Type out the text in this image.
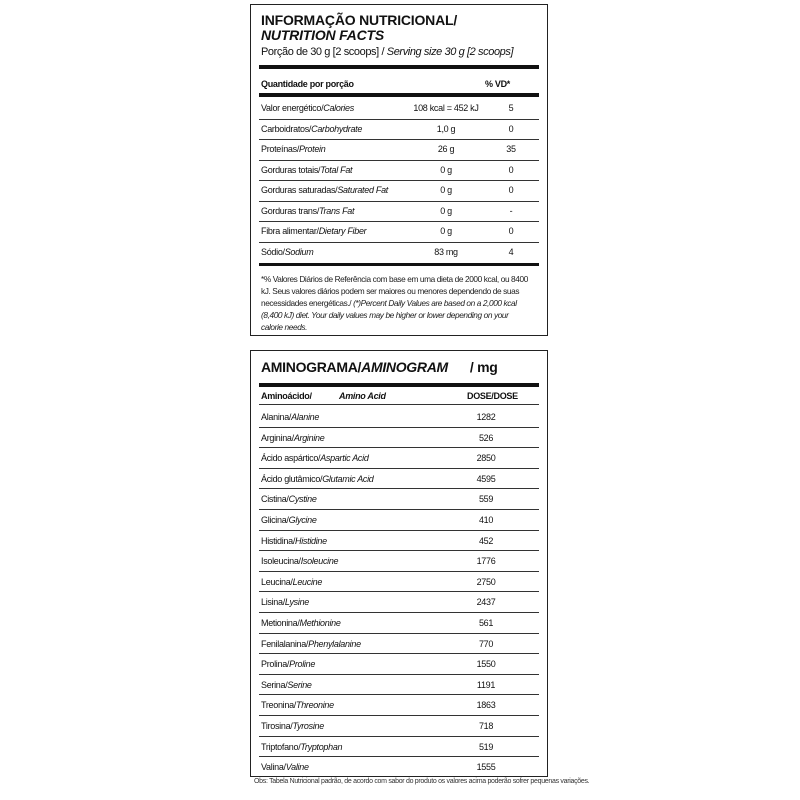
INFORMAÇÃO NUTRICIONAL/
NUTRITION FACTS
Porção de 30 g [2 scoops] / Serving size 30 g [2 scoops]
Quantidade por porção	% VD*
Valor energético/Calories	108 kcal = 452 kJ	5
Carboidratos/Carbohydrate	1,0 g	0
Proteínas/Protein	26 g	35
Gorduras totais/Total Fat	0 g	0
Gorduras saturadas/Saturated Fat	0 g	0
Gorduras trans/Trans Fat	0 g	-
Fibra alimentar/Dietary Fiber	0 g	0
Sódio/Sodium	83 mg	4
*% Valores Diários de Referência com base em uma dieta de 2000 kcal, ou 8400 kJ. Seus valores diários podem ser maiores ou menores dependendo de suas necessidades energéticas./ (*)Percent Daily Values are based on a 2,000 kcal (8,400 kJ) diet. Your daily values may be higher or lower depending on your calorie needs.
AMINOGRAMA/AMINOGRAM / mg
Aminoácido/	Amino Acid	DOSE/DOSE
Alanina/Alanine	1282
Arginina/Arginine	526
Ácido aspártico/Aspartic Acid	2850
Ácido glutâmico/Glutamic Acid	4595
Cistina/Cystine	559
Glicina/Glycine	410
Histidina/Histidine	452
Isoleucina/Isoleucine	1776
Leucina/Leucine	2750
Lisina/Lysine	2437
Metionina/Methionine	561
Fenilalanina/Phenylalanine	770
Prolina/Proline	1550
Serina/Serine	1191
Treonina/Threonine	1863
Tirosina/Tyrosine	718
Triptofano/Tryptophan	519
Valina/Valine	1555
Obs: Tabela Nutricional padrão, de acordo com sabor do produto os valores acima poderão sofrer pequenas variações.
